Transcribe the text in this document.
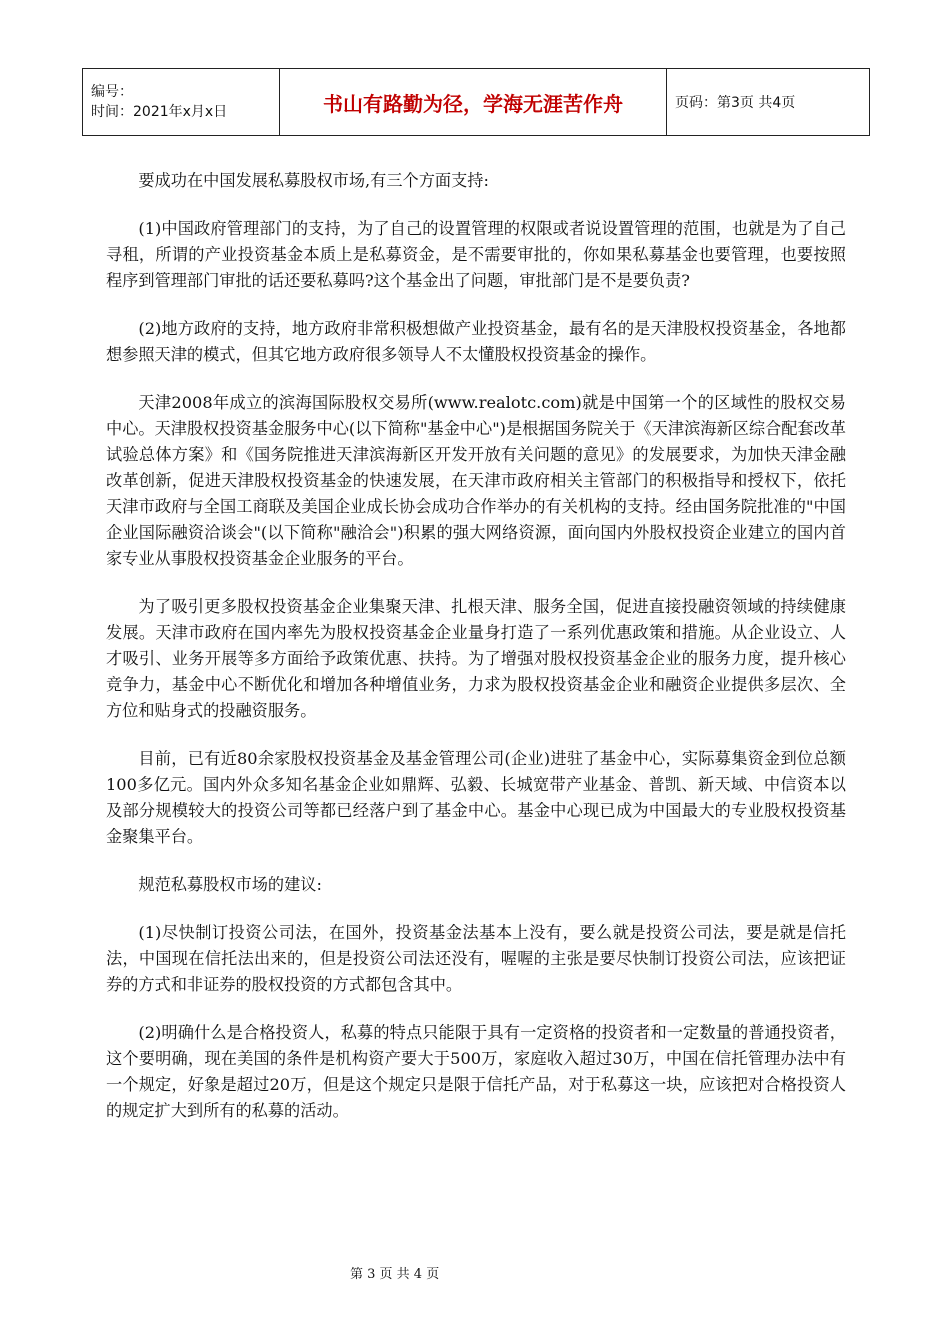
编号：
时间：2021年x月x日	书山有路勤为径，学海无涯苦作舟	页码：第3页 共4页

要成功在中国发展私募股权市场,有三个方面支持:

(1)中国政府管理部门的支持，为了自己的设置管理的权限或者说设置管理的范围，也就是为了自己寻租，所谓的产业投资基金本质上是私募资金，是不需要审批的，你如果私募基金也要管理，也要按照程序到管理部门审批的话还要私募吗?这个基金出了问题，审批部门是不是要负责?

(2)地方政府的支持，地方政府非常积极想做产业投资基金，最有名的是天津股权投资基金，各地都想参照天津的模式，但其它地方政府很多领导人不太懂股权投资基金的操作。

天津2008年成立的滨海国际股权交易所(www.realotc.com)就是中国第一个的区域性的股权交易中心。天津股权投资基金服务中心(以下简称"基金中心")是根据国务院关于《天津滨海新区综合配套改革试验总体方案》和《国务院推进天津滨海新区开发开放有关问题的意见》的发展要求，为加快天津金融改革创新，促进天津股权投资基金的快速发展，在天津市政府相关主管部门的积极指导和授权下，依托天津市政府与全国工商联及美国企业成长协会成功合作举办的有关机构的支持。经由国务院批准的"中国企业国际融资洽谈会"(以下简称"融洽会")积累的强大网络资源，面向国内外股权投资企业建立的国内首家专业从事股权投资基金企业服务的平台。

为了吸引更多股权投资基金企业集聚天津、扎根天津、服务全国，促进直接投融资领域的持续健康发展。天津市政府在国内率先为股权投资基金企业量身打造了一系列优惠政策和措施。从企业设立、人才吸引、业务开展等多方面给予政策优惠、扶持。为了增强对股权投资基金企业的服务力度，提升核心竞争力，基金中心不断优化和增加各种增值业务，力求为股权投资基金企业和融资企业提供多层次、全方位和贴身式的投融资服务。

目前，已有近80余家股权投资基金及基金管理公司(企业)进驻了基金中心，实际募集资金到位总额100多亿元。国内外众多知名基金企业如鼎辉、弘毅、长城宽带产业基金、普凯、新天域、中信资本以及部分规模较大的投资公司等都已经落户到了基金中心。基金中心现已成为中国最大的专业股权投资基金聚集平台。

规范私募股权市场的建议:

(1)尽快制订投资公司法，在国外，投资基金法基本上没有，要么就是投资公司法，要是就是信托法，中国现在信托法出来的，但是投资公司法还没有，喔喔的主张是要尽快制订投资公司法，应该把证券的方式和非证券的股权投资的方式都包含其中。

(2)明确什么是合格投资人，私募的特点只能限于具有一定资格的投资者和一定数量的普通投资者，这个要明确，现在美国的条件是机构资产要大于500万，家庭收入超过30万，中国在信托管理办法中有一个规定，好象是超过20万，但是这个规定只是限于信托产品，对于私募这一块，应该把对合格投资人的规定扩大到所有的私募的活动。

第 3 页 共 4 页
